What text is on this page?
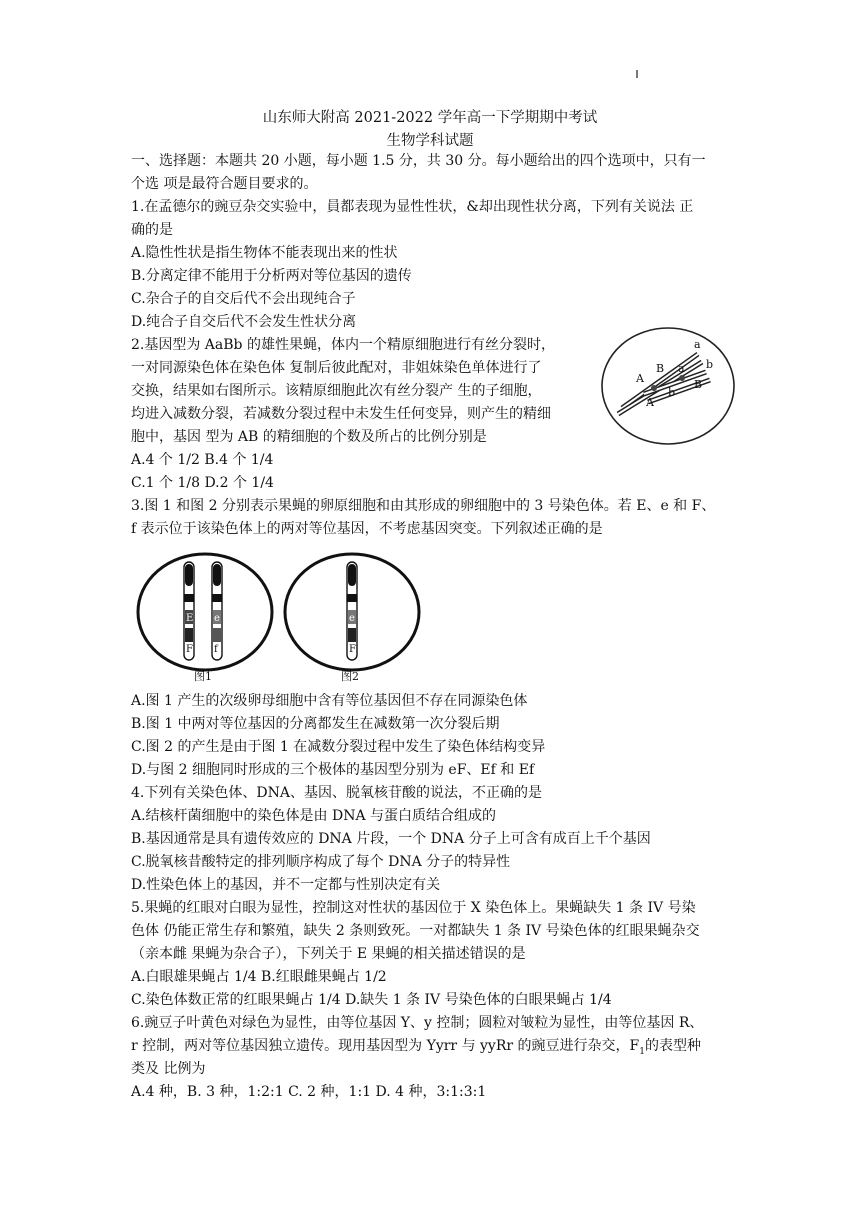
山东师大附高 2021-2022 学年高一下学期期中考试
生物学科试题
一、选择题：本题共 20 小题，每小题 1.5 分，共 30 分。每小题给出的四个选项中，只有一
个选 项是最符合题目要求的。
1.在孟德尔的豌豆杂交实验中，員都表现为显性性状，&却出现性状分离，下列有关说法 正
确的是
A.隐性性状是指生物体不能表现出来的性状
B.分离定律不能用于分析两对等位基因的遗传
C.杂合子的自交后代不会出现纯合子
D.纯合子自交后代不会发生性状分离
2.基因型为 AaBb 的雄性果蝇，体内一个精原细胞进行有丝分裂时，
一对同源染色体在染色体 复制后彼此配对，非姐妹染色单体进行了
交换，结果如右图所示。该精原细胞此次有丝分裂产 生的子细胞，
均进入减数分裂，若减数分裂过程中未发生任何变异，则产生的精细
胞中，基因 型为 AB 的精细胞的个数及所占的比例分别是
A.4 个 1/2 B.4 个 1/4
C.1 个 1/8 D.2 个 1/4
A
A
B
b
a
a
B
b
3.图 1 和图 2 分别表示果蝇的卵原细胞和由其形成的卵细胞中的 3 号染色体。若 E、e 和 F、
f 表示位于该染色体上的两对等位基因，不考虑基因突变。下列叙述正确的是
E e
F f
图1
e
F
图2
A.图 1 产生的次级卵母细胞中含有等位基因但不存在同源染色体
B.图 1 中两对等位基因的分离都发生在减数第一次分裂后期
C.图 2 的产生是由于图 1 在减数分裂过程中发生了染色体结构变异
D.与图 2 细胞同时形成的三个极体的基因型分别为 eF、Ef 和 Ef
4.下列有关染色体、DNA、基因、脱氧核苷酸的说法，不正确的是
A.结核杆菌细胞中的染色体是由 DNA 与蛋白质结合组成的
B.基因通常是具有遗传效应的 DNA 片段，一个 DNA 分子上可含有成百上千个基因
C.脱氧核昔酸特定的排列顺序构成了每个 DNA 分子的特异性
D.性染色体上的基因，并不一定都与性别决定有关
5.果蝇的红眼对白眼为显性，控制这对性状的基因位于 X 染色体上。果蝇缺失 1 条 IV 号染
色体 仍能正常生存和繁殖，缺失 2 条则致死。一对都缺失 1 条 IV 号染色体的红眼果蝇杂交
（亲本雌 果蝇为杂合子），下列关于 E 果蝇的相关描述错误的是
A.白眼雄果蝇占 1/4 B.红眼雌果蝇占 1/2
C.染色体数正常的红眼果蝇占 1/4 D.缺失 1 条 IV 号染色体的白眼果蝇占 1/4
6.豌豆子叶黄色对绿色为显性，由等位基因 Y、y 控制；圆粒对皱粒为显性，由等位基因 R、
r 控制，两对等位基因独立遗传。现用基因型为 Yyrr 与 yyRr 的豌豆进行杂交，$F_1$的表型种
类及 比例为
A.4 种，B. 3 种，1:2:1 C. 2 种，1:1 D. 4 种，3:1:3:1
